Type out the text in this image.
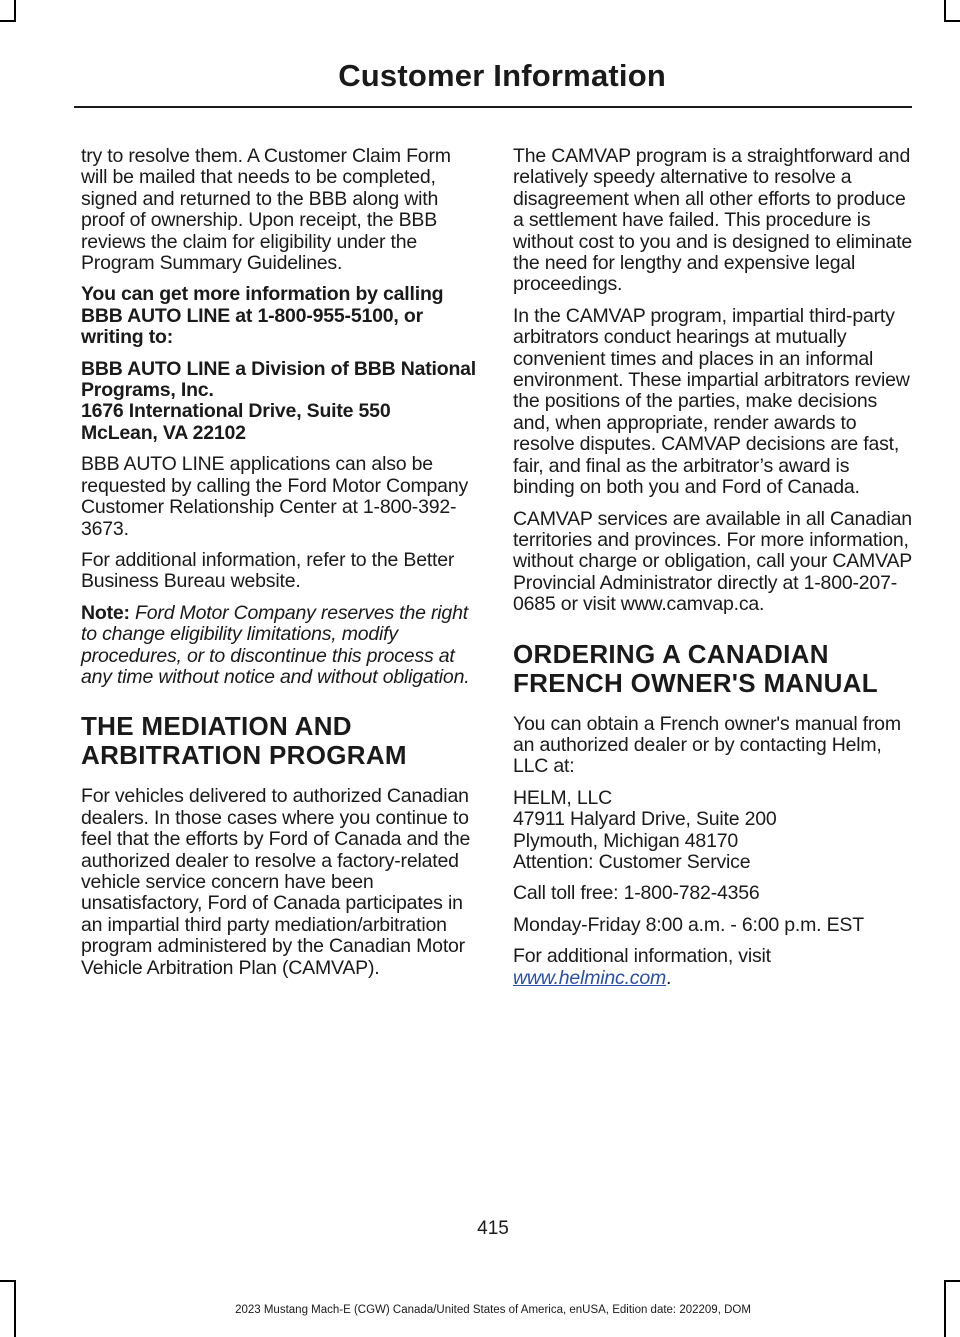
Customer Information

try to resolve them. A Customer Claim Form will be mailed that needs to be completed, signed and returned to the BBB along with proof of ownership. Upon receipt, the BBB reviews the claim for eligibility under the Program Summary Guidelines.

You can get more information by calling BBB AUTO LINE at 1-800-955-5100, or writing to:

BBB AUTO LINE a Division of BBB National Programs, Inc.
1676 International Drive, Suite 550
McLean, VA 22102

BBB AUTO LINE applications can also be requested by calling the Ford Motor Company Customer Relationship Center at 1-800-392-3673.

For additional information, refer to the Better Business Bureau website.

Note: Ford Motor Company reserves the right to change eligibility limitations, modify procedures, or to discontinue this process at any time without notice and without obligation.

THE MEDIATION AND
ARBITRATION PROGRAM

For vehicles delivered to authorized Canadian dealers. In those cases where you continue to feel that the efforts by Ford of Canada and the authorized dealer to resolve a factory-related vehicle service concern have been unsatisfactory, Ford of Canada participates in an impartial third party mediation/arbitration program administered by the Canadian Motor Vehicle Arbitration Plan (CAMVAP).

The CAMVAP program is a straightforward and relatively speedy alternative to resolve a disagreement when all other efforts to produce a settlement have failed. This procedure is without cost to you and is designed to eliminate the need for lengthy and expensive legal proceedings.

In the CAMVAP program, impartial third-party arbitrators conduct hearings at mutually convenient times and places in an informal environment. These impartial arbitrators review the positions of the parties, make decisions and, when appropriate, render awards to resolve disputes. CAMVAP decisions are fast, fair, and final as the arbitrator’s award is binding on both you and Ford of Canada.

CAMVAP services are available in all Canadian territories and provinces. For more information, without charge or obligation, call your CAMVAP Provincial Administrator directly at 1-800-207-0685 or visit www.camvap.ca.

ORDERING A CANADIAN
FRENCH OWNER'S MANUAL

You can obtain a French owner's manual from an authorized dealer or by contacting Helm, LLC at:

HELM, LLC
47911 Halyard Drive, Suite 200
Plymouth, Michigan 48170
Attention: Customer Service

Call toll free: 1-800-782-4356

Monday-Friday 8:00 a.m. - 6:00 p.m. EST

For additional information, visit
www.helminc.com.

415
2023 Mustang Mach-E (CGW) Canada/United States of America, enUSA, Edition date: 202209, DOM
